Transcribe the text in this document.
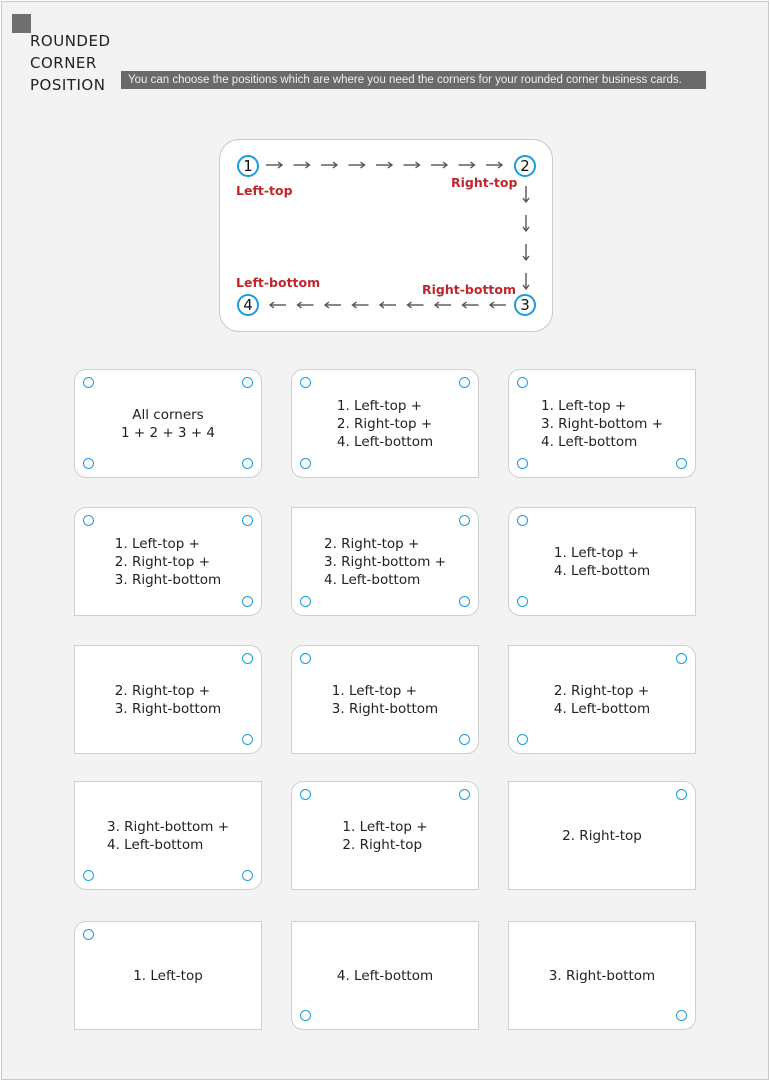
ROUNDED
CORNER
POSITION	You can choose the positions which are where you need the corners for your rounded corner business cards.
1	2
3
4
Left-top
Right-top
Right-bottom
Left-bottom
All corners
1 + 2 + 3 + 4
1. Left-top +
2. Right-top +
4. Left-bottom
1. Left-top +
3. Right-bottom +
4. Left-bottom
1. Left-top +
2. Right-top +
3. Right-bottom
2. Right-top +
3. Right-bottom +
4. Left-bottom
1. Left-top +
4. Left-bottom
2. Right-top +
3. Right-bottom
1. Left-top +
3. Right-bottom
2. Right-top +
4. Left-bottom
3. Right-bottom +
4. Left-bottom
1. Left-top +
2. Right-top
2. Right-top
1. Left-top	4. Left-bottom	3. Right-bottom
